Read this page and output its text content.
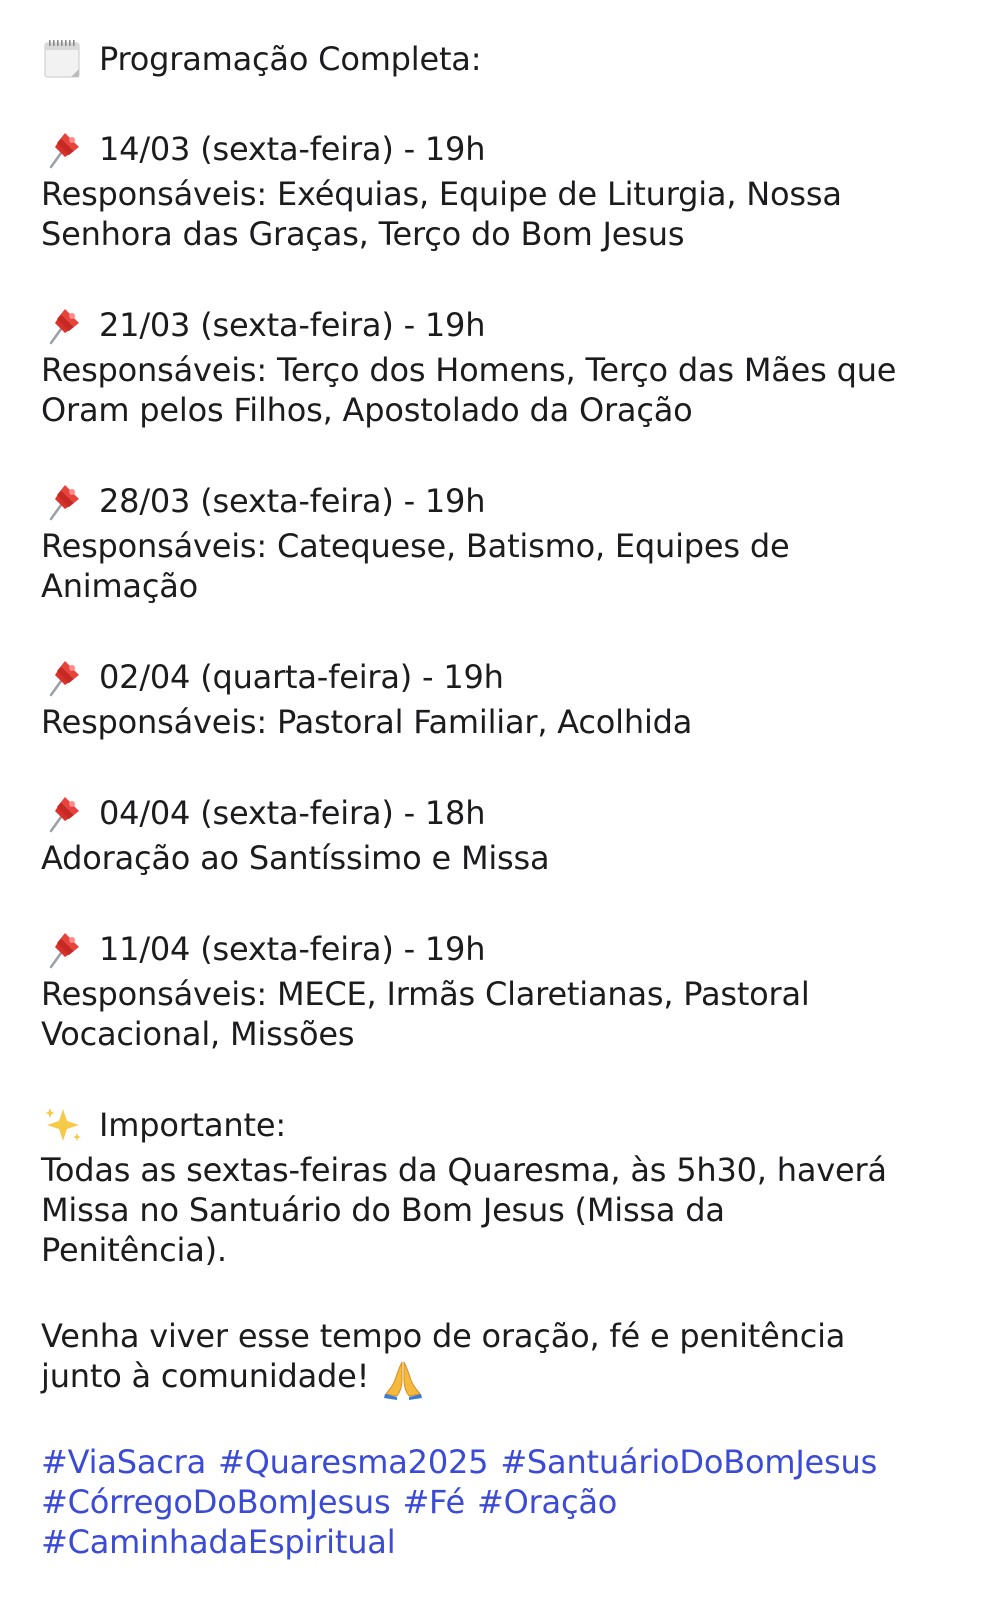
Programação Completa:
14/03 (sexta-feira) - 19h
Responsáveis: Exéquias, Equipe de Liturgia, Nossa
Senhora das Graças, Terço do Bom Jesus
21/03 (sexta-feira) - 19h
Responsáveis: Terço dos Homens, Terço das Mães que
Oram pelos Filhos, Apostolado da Oração
28/03 (sexta-feira) - 19h
Responsáveis: Catequese, Batismo, Equipes de
Animação
02/04 (quarta-feira) - 19h
Responsáveis: Pastoral Familiar, Acolhida
04/04 (sexta-feira) - 18h
Adoração ao Santíssimo e Missa
11/04 (sexta-feira) - 19h
Responsáveis: MECE, Irmãs Claretianas, Pastoral
Vocacional, Missões
Importante:
Todas as sextas-feiras da Quaresma, às 5h30, haverá
Missa no Santuário do Bom Jesus (Missa da
Penitência).
Venha viver esse tempo de oração, fé e penitência
junto à comunidade!
#ViaSacra #Quaresma2025 #SantuárioDoBomJesus
#CórregoDoBomJesus #Fé #Oração
#CaminhadaEspiritual
